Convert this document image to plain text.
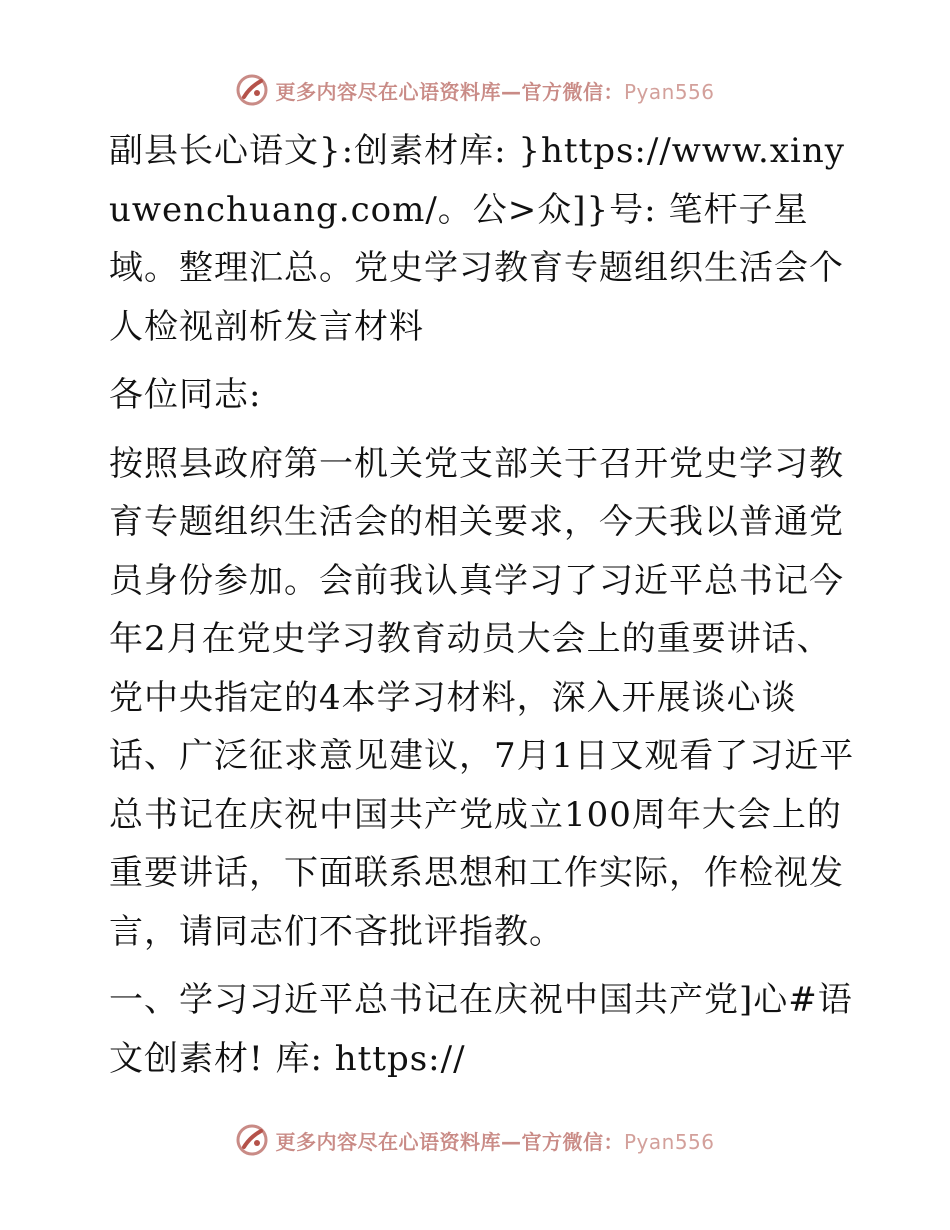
更多内容尽在心语资料库—官方微信：Pyan556

副县长心语文}:创素材库: }https://www.xinyuwenchuang.com/。公>众]}号: 笔杆子星域。整理汇总。党史学习教育专题组织生活会个人检视剖析发言材料

各位同志:

按照县政府第一机关党支部关于召开党史学习教育专题组织生活会的相关要求，今天我以普通党员身份参加。会前我认真学习了习近平总书记今年2月在党史学习教育动员大会上的重要讲话、党中央指定的4本学习材料，深入开展谈心谈话、广泛征求意见建议，7月1日又观看了习近平总书记在庆祝中国共产党成立100周年大会上的重要讲话，下面联系思想和工作实际，作检视发言，请同志们不吝批评指教。

一、学习习近平总书记在庆祝中国共产党]心#语文创素材! 库: https://

更多内容尽在心语资料库—官方微信：Pyan556
